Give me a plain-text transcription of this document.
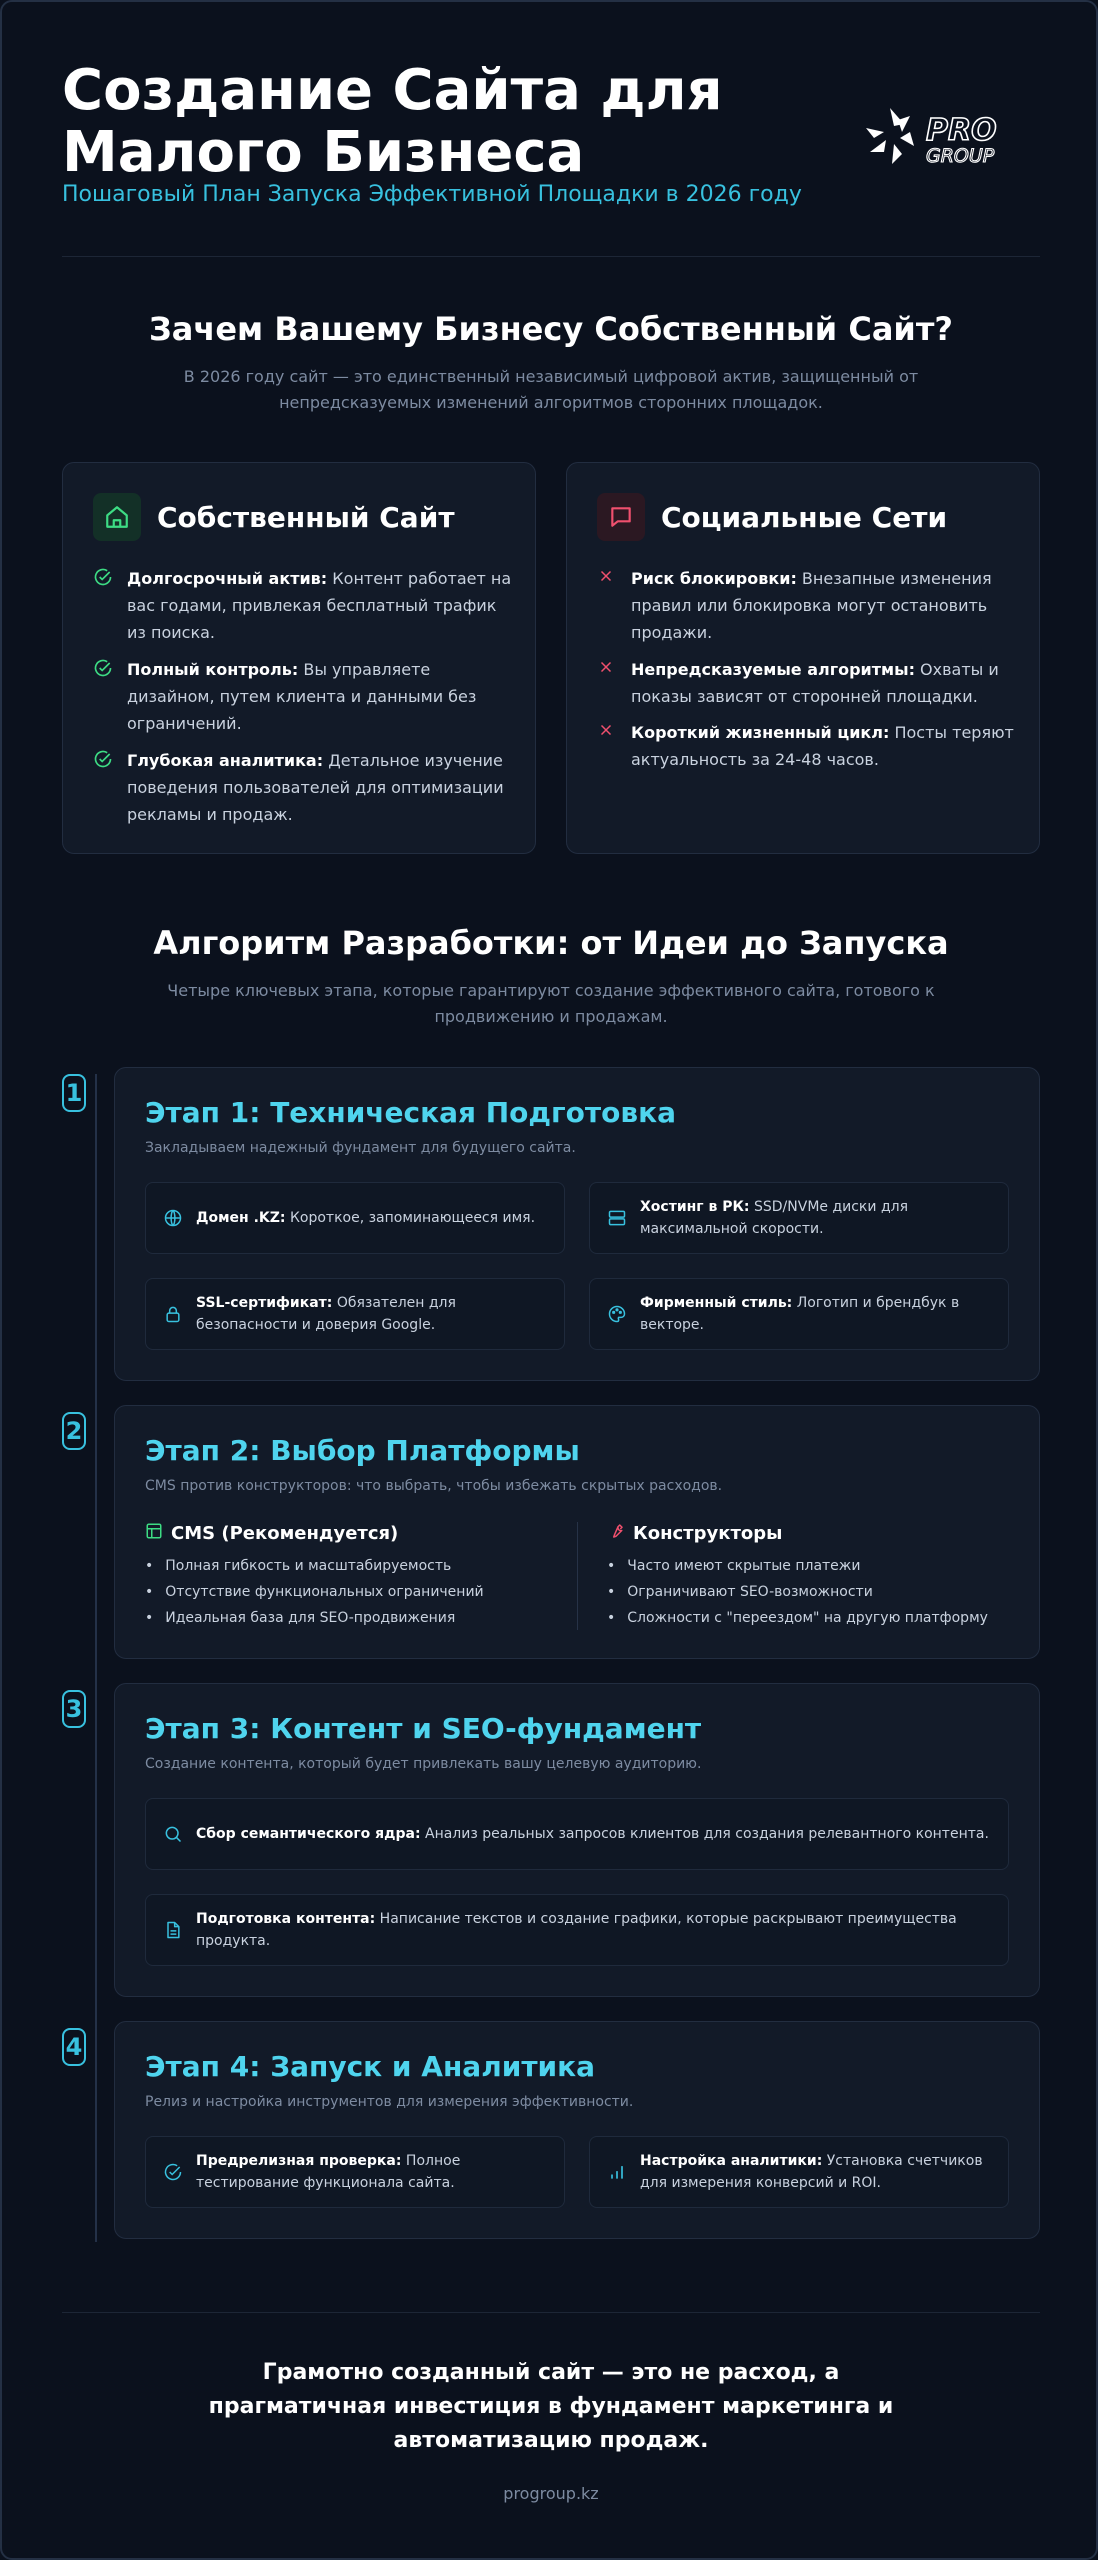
Создание Сайта для Малого Бизнеса
Пошаговый План Запуска Эффективной Площадки в 2026 году
PRO
GROUP
Зачем Вашему Бизнесу Собственный Сайт?
В 2026 году сайт — это единственный независимый цифровой актив, защищенный от непредсказуемых изменений алгоритмов сторонних площадок.
Собственный Сайт
Долгосрочный актив: Контент работает на вас годами, привлекая бесплатный трафик из поиска.
Полный контроль: Вы управляете дизайном, путем клиента и данными без ограничений.
Глубокая аналитика: Детальное изучение поведения пользователей для оптимизации рекламы и продаж.
Социальные Сети
Риск блокировки: Внезапные изменения правил или блокировка могут остановить продажи.
Непредсказуемые алгоритмы: Охваты и показы зависят от сторонней площадки.
Короткий жизненный цикл: Посты теряют актуальность за 24-48 часов.
Алгоритм Разработки: от Идеи до Запуска
Четыре ключевых этапа, которые гарантируют создание эффективного сайта, готового к продвижению и продажам.
1
Этап 1: Техническая Подготовка
Закладываем надежный фундамент для будущего сайта.
Домен .KZ: Короткое, запоминающееся имя.
Хостинг в РК: SSD/NVMe диски для максимальной скорости.
SSL-сертификат: Обязателен для безопасности и доверия Google.
Фирменный стиль: Логотип и брендбук в векторе.
2
Этап 2: Выбор Платформы
CMS против конструкторов: что выбрать, чтобы избежать скрытых расходов.
CMS (Рекомендуется)
• Полная гибкость и масштабируемость
• Отсутствие функциональных ограничений
• Идеальная база для SEO-продвижения
Конструкторы
• Часто имеют скрытые платежи
• Ограничивают SEO-возможности
• Сложности с "переездом" на другую платформу
3
Этап 3: Контент и SEO-фундамент
Создание контента, который будет привлекать вашу целевую аудиторию.
Сбор семантического ядра: Анализ реальных запросов клиентов для создания релевантного контента.
Подготовка контента: Написание текстов и создание графики, которые раскрывают преимущества продукта.
4
Этап 4: Запуск и Аналитика
Релиз и настройка инструментов для измерения эффективности.
Предрелизная проверка: Полное тестирование функционала сайта.
Настройка аналитики: Установка счетчиков для измерения конверсий и ROI.
Грамотно созданный сайт — это не расход, а прагматичная инвестиция в фундамент маркетинга и автоматизацию продаж.
progroup.kz
